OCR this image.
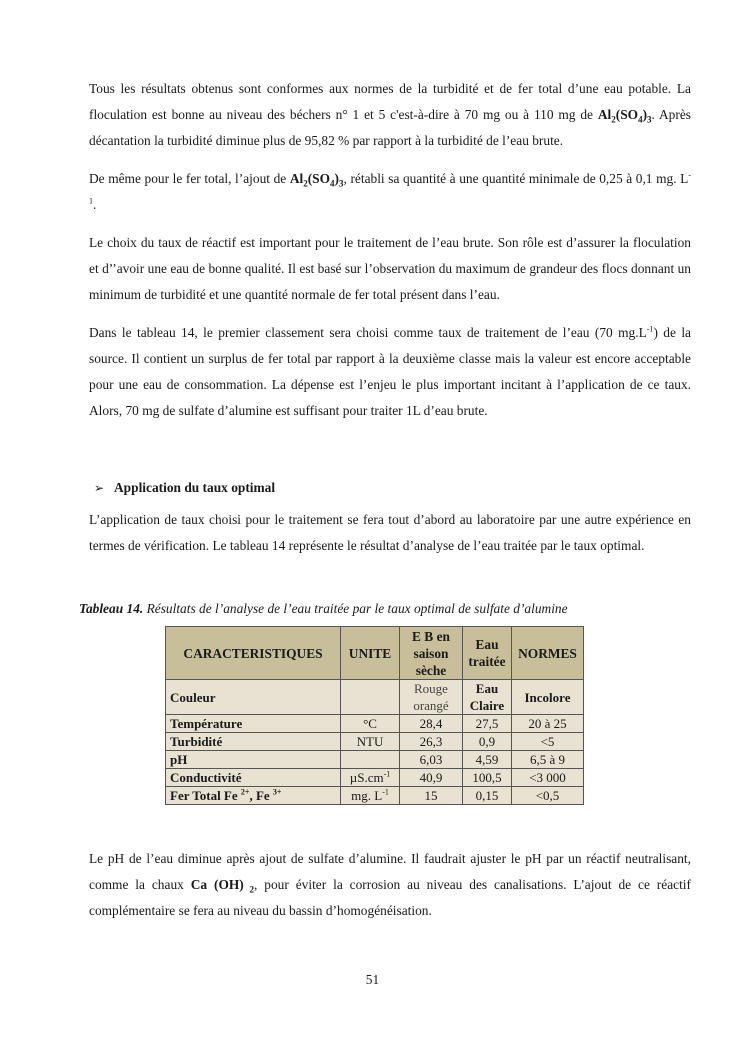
Tous les résultats obtenus sont conformes aux normes de la turbidité et de fer total d’une eau potable. La floculation est bonne au niveau des béchers n° 1 et 5 c'est-à-dire à 70 mg ou à 110 mg de $Al_2(SO_4)_3$. Après décantation la turbidité diminue plus de 95,82 % par rapport à la turbidité de l’eau brute.

De même pour le fer total, l’ajout de $Al_2(SO_4)_3$, rétabli sa quantité à une quantité minimale de 0,25 à 0,1 mg. $L^{-1}$.

Le choix du taux de réactif est important pour le traitement de l’eau brute. Son rôle est d’assurer la floculation et d’’avoir une eau de bonne qualité. Il est basé sur l’observation du maximum de grandeur des flocs donnant un minimum de turbidité et une quantité normale de fer total présent dans l’eau.

Dans le tableau 14, le premier classement sera choisi comme taux de traitement de l’eau (70 $mg.L^{-1}$) de la source. Il contient un surplus de fer total par rapport à la deuxième classe mais la valeur est encore acceptable pour une eau de consommation. La dépense est l’enjeu le plus important incitant à l’application de ce taux. Alors, 70 mg de sulfate d’alumine est suffisant pour traiter 1L d’eau brute.

➢ Application du taux optimal

L’application de taux choisi pour le traitement se fera tout d’abord au laboratoire par une autre expérience en termes de vérification. Le tableau 14 représente le résultat d’analyse de l’eau traitée par le taux optimal.

Tableau 14. Résultats de l’analyse de l’eau traitée par le taux optimal de sulfate d’alumine
CARACTERISTIQUES	UNITE	E B en saison sèche	Eau traitée	NORMES
Couleur		Rouge orangé	Eau Claire	Incolore
Température	°C	28,4	27,5	20 à 25
Turbidité	NTU	26,3	0,9	<5
pH		6,03	4,59	6,5 à 9
Conductivité	$\mu S.cm^{-1}$	40,9	100,5	<3 000
Fer Total Fe $^{2+}$, Fe $^{3+}$	mg. $L^{-1}$	15	0,15	<0,5

Le pH de l’eau diminue après ajout de sulfate d’alumine. Il faudrait ajuster le pH par un réactif neutralisant, comme la chaux Ca (OH) $_2$, pour éviter la corrosion au niveau des canalisations. L’ajout de ce réactif complémentaire se fera au niveau du bassin d’homogénéisation.

51
